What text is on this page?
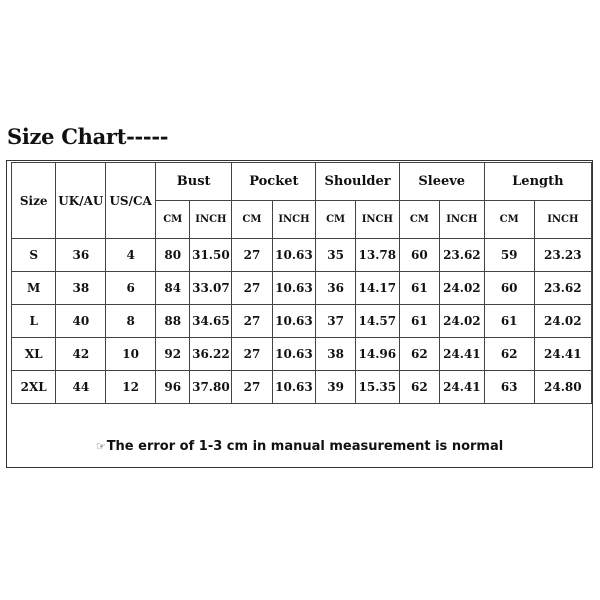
Size Chart-----
Size	UK/AU	US/CA	Bust		Pocket		Shoulder		Sleeve		Length	
			CM	INCH	CM	INCH	CM	INCH	CM	INCH	CM	INCH
S	36	4	80	31.50	27	10.63	35	13.78	60	23.62	59	23.23
M	38	6	84	33.07	27	10.63	36	14.17	61	24.02	60	23.62
L	40	8	88	34.65	27	10.63	37	14.57	61	24.02	61	24.02
XL	42	10	92	36.22	27	10.63	38	14.96	62	24.41	62	24.41
2XL	44	12	96	37.80	27	10.63	39	15.35	62	24.41	63	24.80
☞The error of 1-3 cm in manual measurement is normal
